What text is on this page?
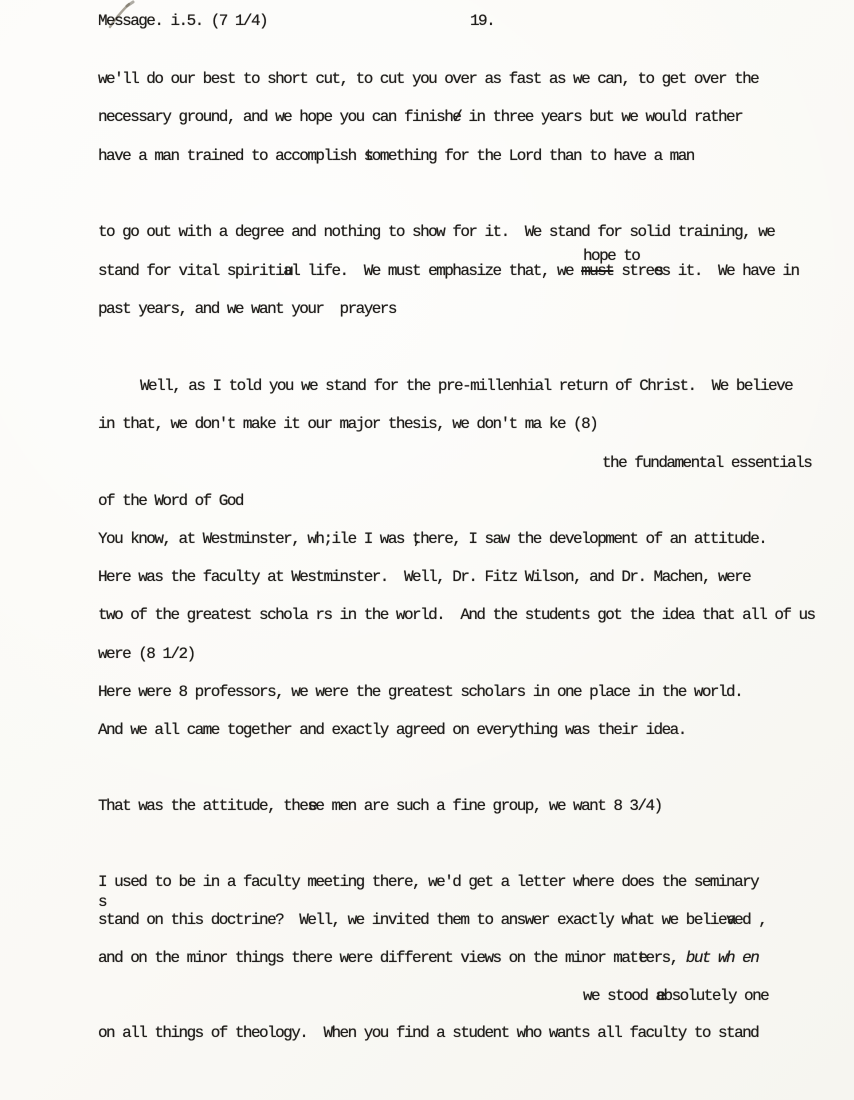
Message. i.5. (7 1/4)	19.
we'll do our best to short cut, to cut you over as fast as we can, to get over the
necessary ground, and we hope you can finishe / in three years but we would rather
have a man trained to accomplish s tomething for the Lord than to have a man
to go out with a degree and nothing to show for it.  We stand for solid training, we
hope to
stand for vital spiritia ul life.  We must emphasize that, we must stree ss it.  We have in
past years, and we want your  prayers
Well, as I told you we stand for the pre-millenhial return of Christ.  We believe
in that, we don't make it our major thesis, we don't ma ke (8)
the fundamental essentials
of the Word of God
You know, at Westminster, wh;ile I was t ,here, I saw the development of an attitude.
Here was the faculty at Westminster.  Well, Dr. Fitz Wilson, and Dr. Machen, were
two of the greatest schola rs in the world.  And the students got the idea that all of us
were (8 1/2)
Here were 8 professors, we were the greatest scholars in one place in the world.
And we all came together and exactly agreed on everything was their idea.
That was the attitude, thes ee men are such a fine group, we want 8 3/4)
I used to be in a faculty meeting there, we'd get a letter where does the seminary
s
stand on this doctrine?  Well, we invited them to answer exactly what we believ aed ,
and on the minor things there were different views on the minor matt eers, but wh en
we stood a ebsolutely one
on all things of theology.  When you find a student who wants all faculty to stand
